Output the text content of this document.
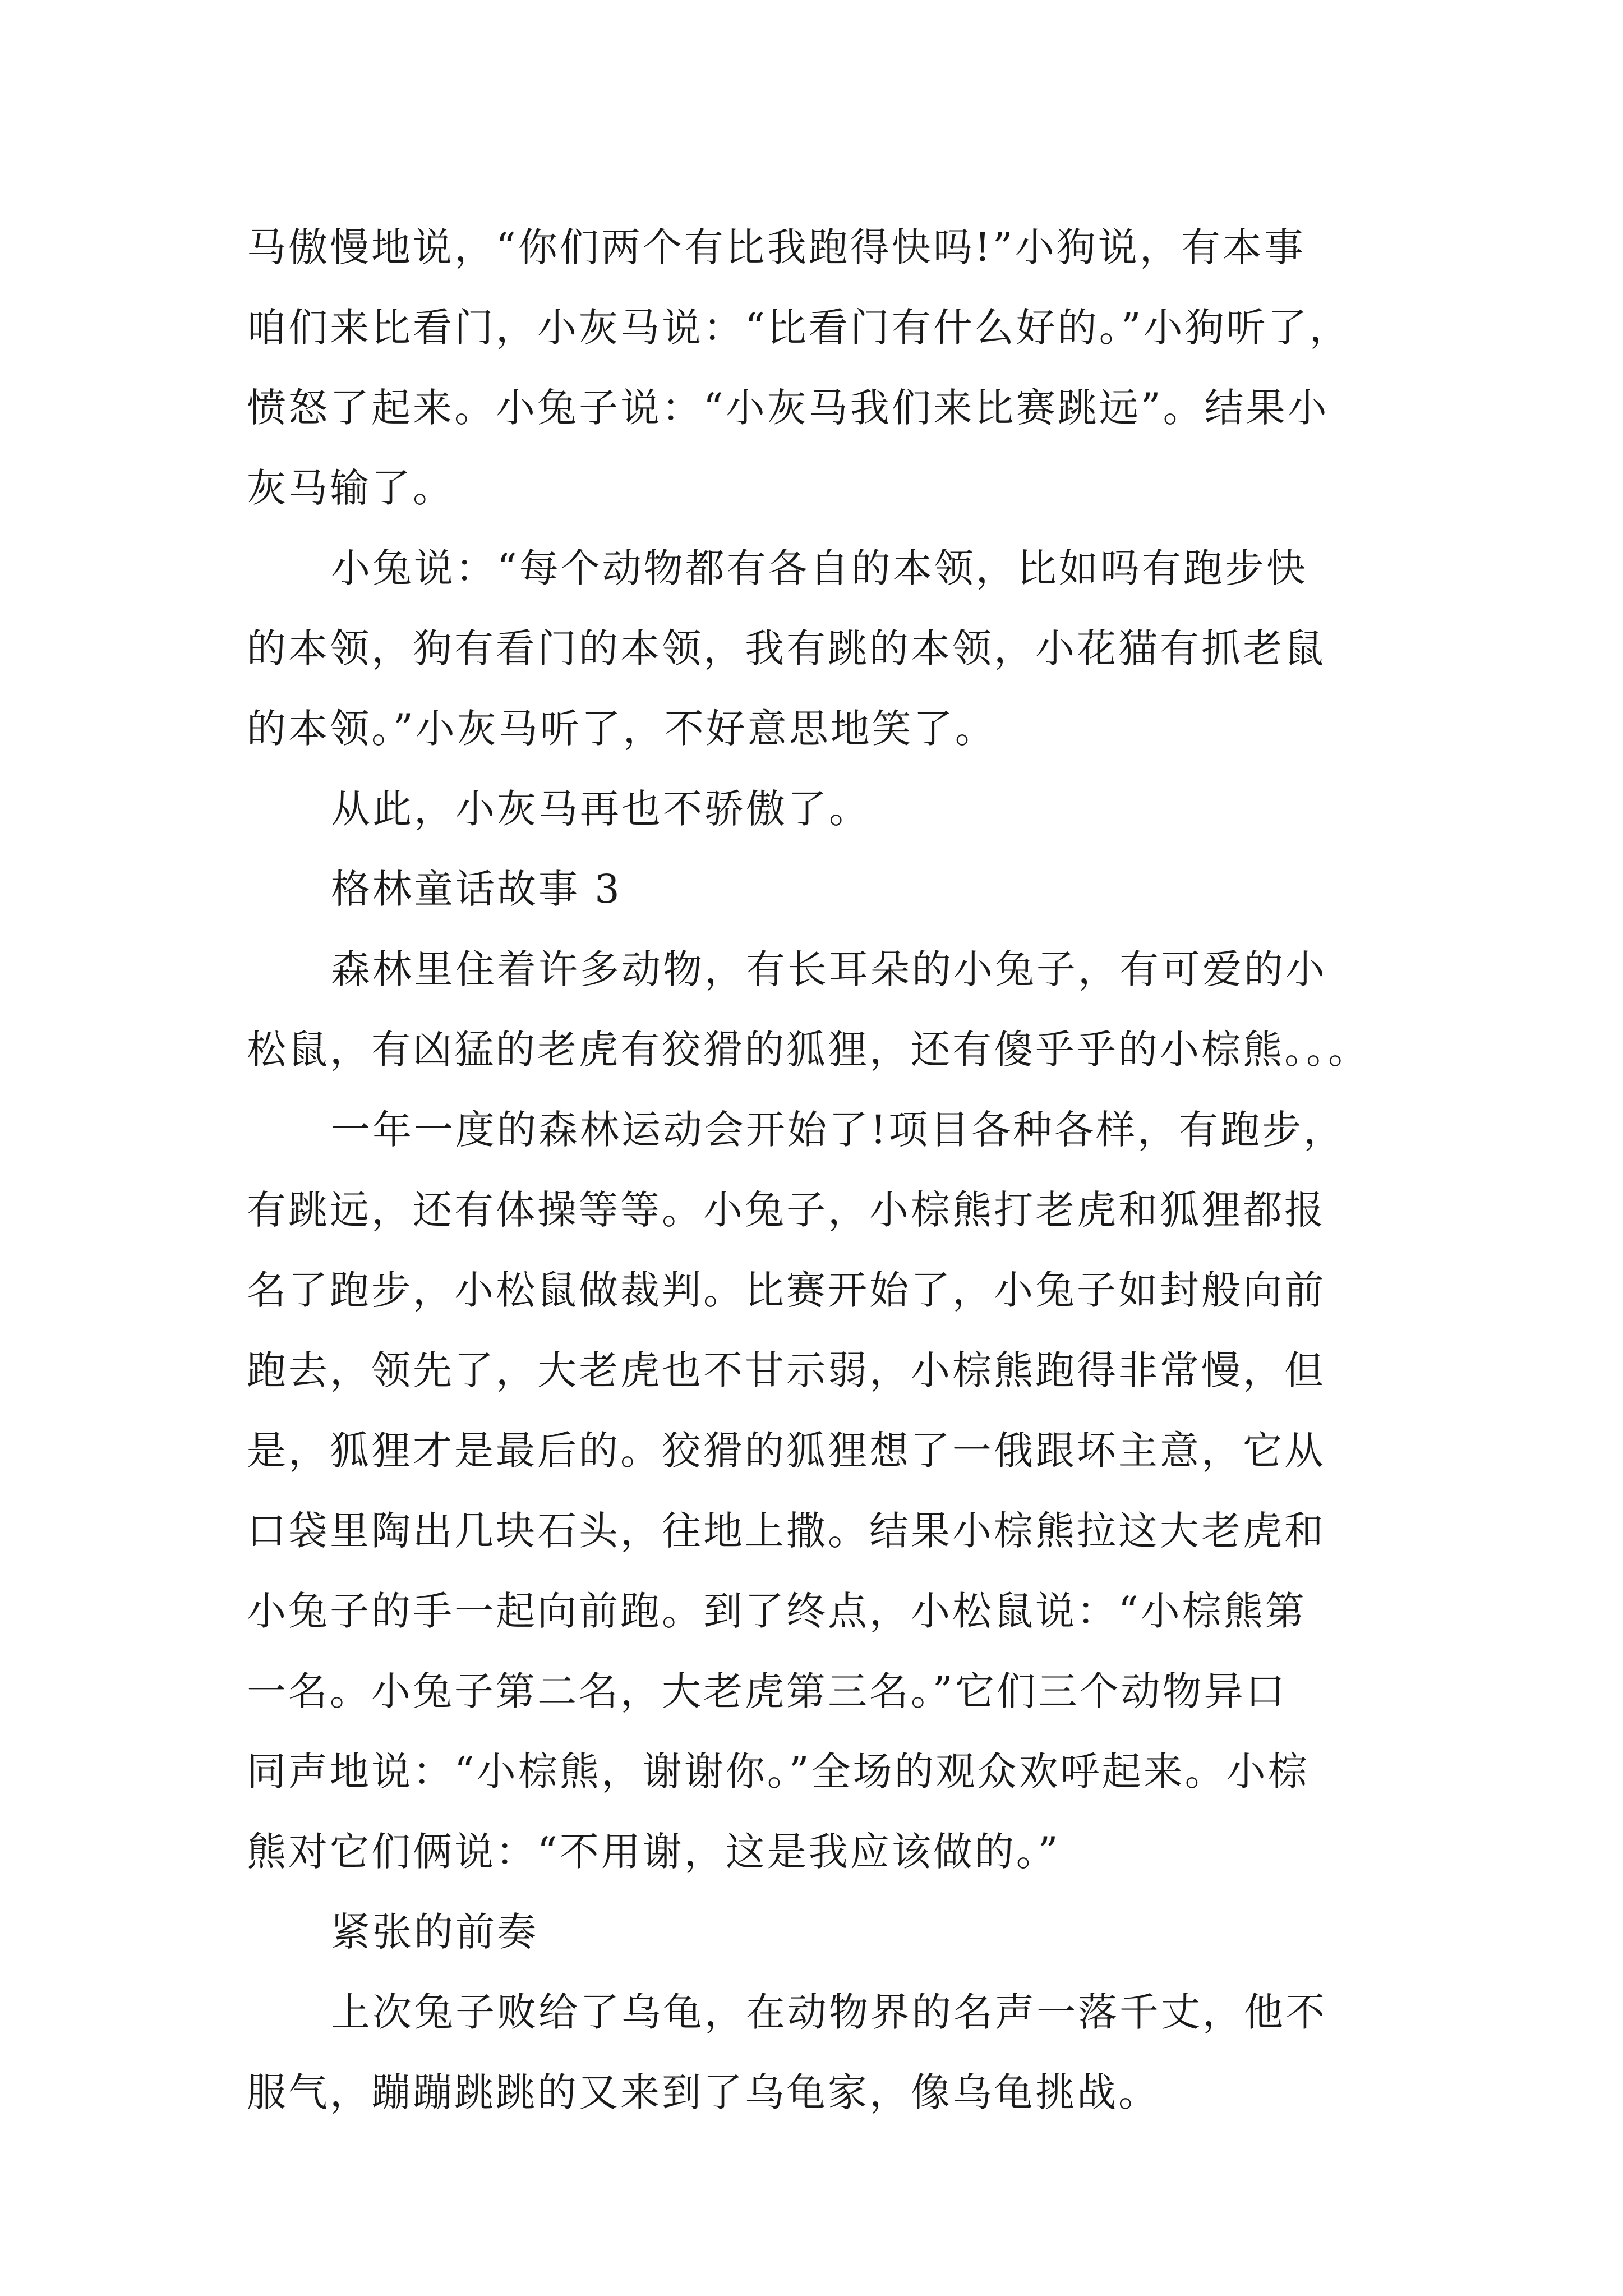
马傲慢地说，“你们两个有比我跑得快吗!”小狗说，有本事
咱们来比看门，小灰马说：“比看门有什么好的。”小狗听了，
愤怒了起来。小兔子说：“小灰马我们来比赛跳远”。结果小
灰马输了。
小兔说：“每个动物都有各自的本领，比如吗有跑步快
的本领，狗有看门的本领，我有跳的本领，小花猫有抓老鼠
的本领。”小灰马听了，不好意思地笑了。
从此，小灰马再也不骄傲了。
格林童话故事 3
森林里住着许多动物，有长耳朵的小兔子，有可爱的小
松鼠，有凶猛的老虎有狡猾的狐狸，还有傻乎乎的小棕熊。。。
一年一度的森林运动会开始了!项目各种各样，有跑步，
有跳远，还有体操等等。小兔子，小棕熊打老虎和狐狸都报
名了跑步，小松鼠做裁判。比赛开始了，小兔子如封般向前
跑去，领先了，大老虎也不甘示弱，小棕熊跑得非常慢，但
是，狐狸才是最后的。狡猾的狐狸想了一俄跟坏主意，它从
口袋里陶出几块石头，往地上撒。结果小棕熊拉这大老虎和
小兔子的手一起向前跑。到了终点，小松鼠说：“小棕熊第
一名。小兔子第二名，大老虎第三名。”它们三个动物异口
同声地说：“小棕熊，谢谢你。”全场的观众欢呼起来。小棕
熊对它们俩说：“不用谢，这是我应该做的。”
紧张的前奏
上次兔子败给了乌龟，在动物界的名声一落千丈，他不
服气，蹦蹦跳跳的又来到了乌龟家，像乌龟挑战。
